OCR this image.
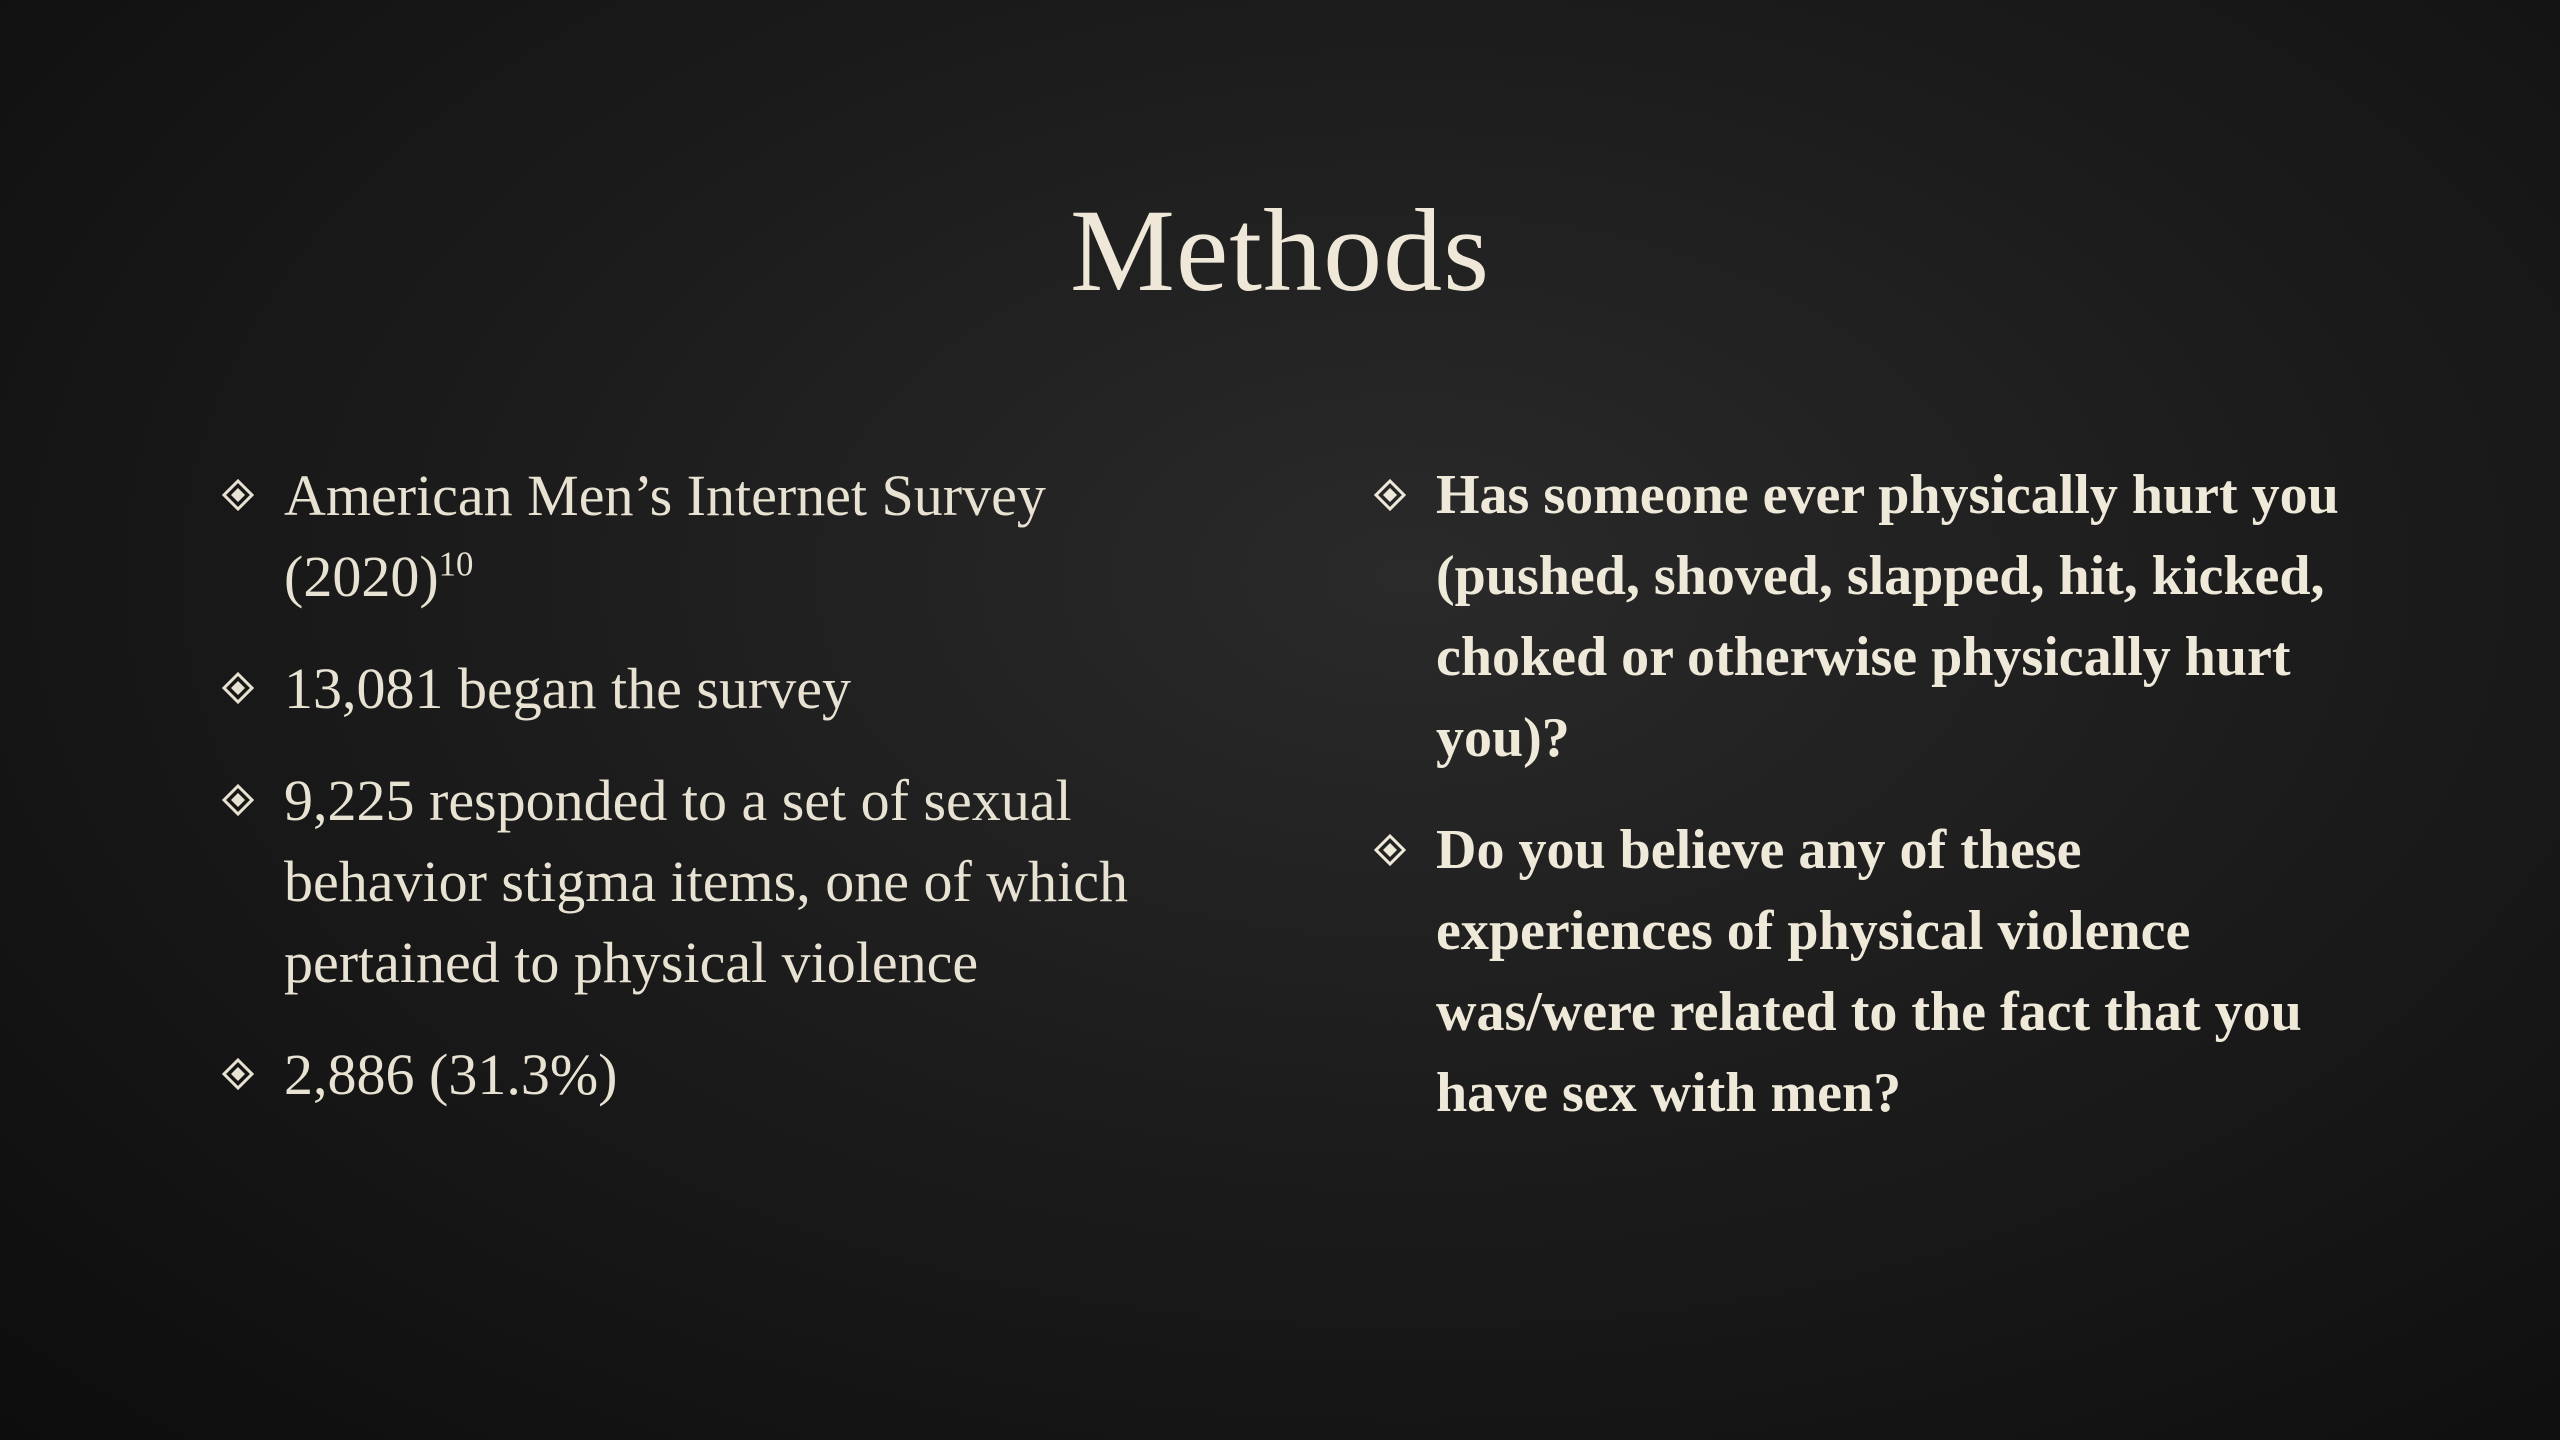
Methods
American Men’s Internet Survey $(2020)^{10}$
13,081 began the survey
9,225 responded to a set of sexual behavior stigma items, one of which pertained to physical violence
2,886 (31.3%)
Has someone ever physically hurt you (pushed, shoved, slapped, hit, kicked, choked or otherwise physically hurt you)?
Do you believe any of these experiences of physical violence was/were related to the fact that you have sex with men?
